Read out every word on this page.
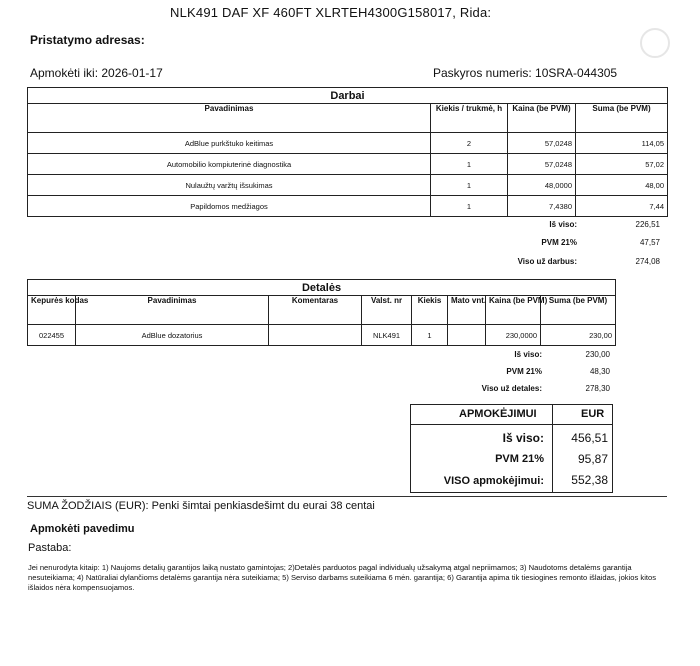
NLK491 DAF XF 460FT XLRTEH4300G158017, Rida:
Pristatymo adresas:
Apmokėti iki: 2026-01-17	Paskyros numeris: 10SRA-044305
Darbai			
Pavadinimas	Kiekis / trukmė, h	Kaina (be PVM)	Suma (be PVM)
AdBlue purkštuko keitimas	2	57,0248	114,05
Automobilio kompiuterinė diagnostika	1	57,0248	57,02
Nulaužtų varžtų išsukimas	1	48,0000	48,00
Papildomos medžiagos	1	7,4380	7,44
Iš viso:	226,51
PVM 21%	47,57
Viso už darbus:	274,08
Detalės							
Kepurės kodas	Pavadinimas	Komentaras	Valst. nr	Kiekis	Mato vnt.	Kaina (be PVM)	Suma (be PVM)
022455	AdBlue dozatorius		NLK491	1		230,0000	230,00
Iš viso:	230,00
PVM 21%	48,30
Viso už detales:	278,30
APMOKĖJIMUI	EUR
Iš viso: 456,51
PVM 21%	95,87
VISO apmokėjimui: 552,38
SUMA ŽODŽIAIS (EUR): Penki šimtai penkiasdešimt du eurai 38 centai
Apmokėti pavedimu
Pastaba:
Jei nenurodyta kitaip: 1) Naujoms detalių garantijos laiką nustato gamintojas; 2)Detalės parduotos pagal individualų užsakymą atgal nepriimamos; 3) Naudotoms detalėms garantija nesuteikiama; 4) Natūraliai dylančioms detalėms garantija nėra suteikiama; 5) Serviso darbams suteikiama 6 mėn. garantija; 6) Garantija apima tik tiesiogines remonto išlaidas, jokios kitos išlaidos nėra kompensuojamos.
